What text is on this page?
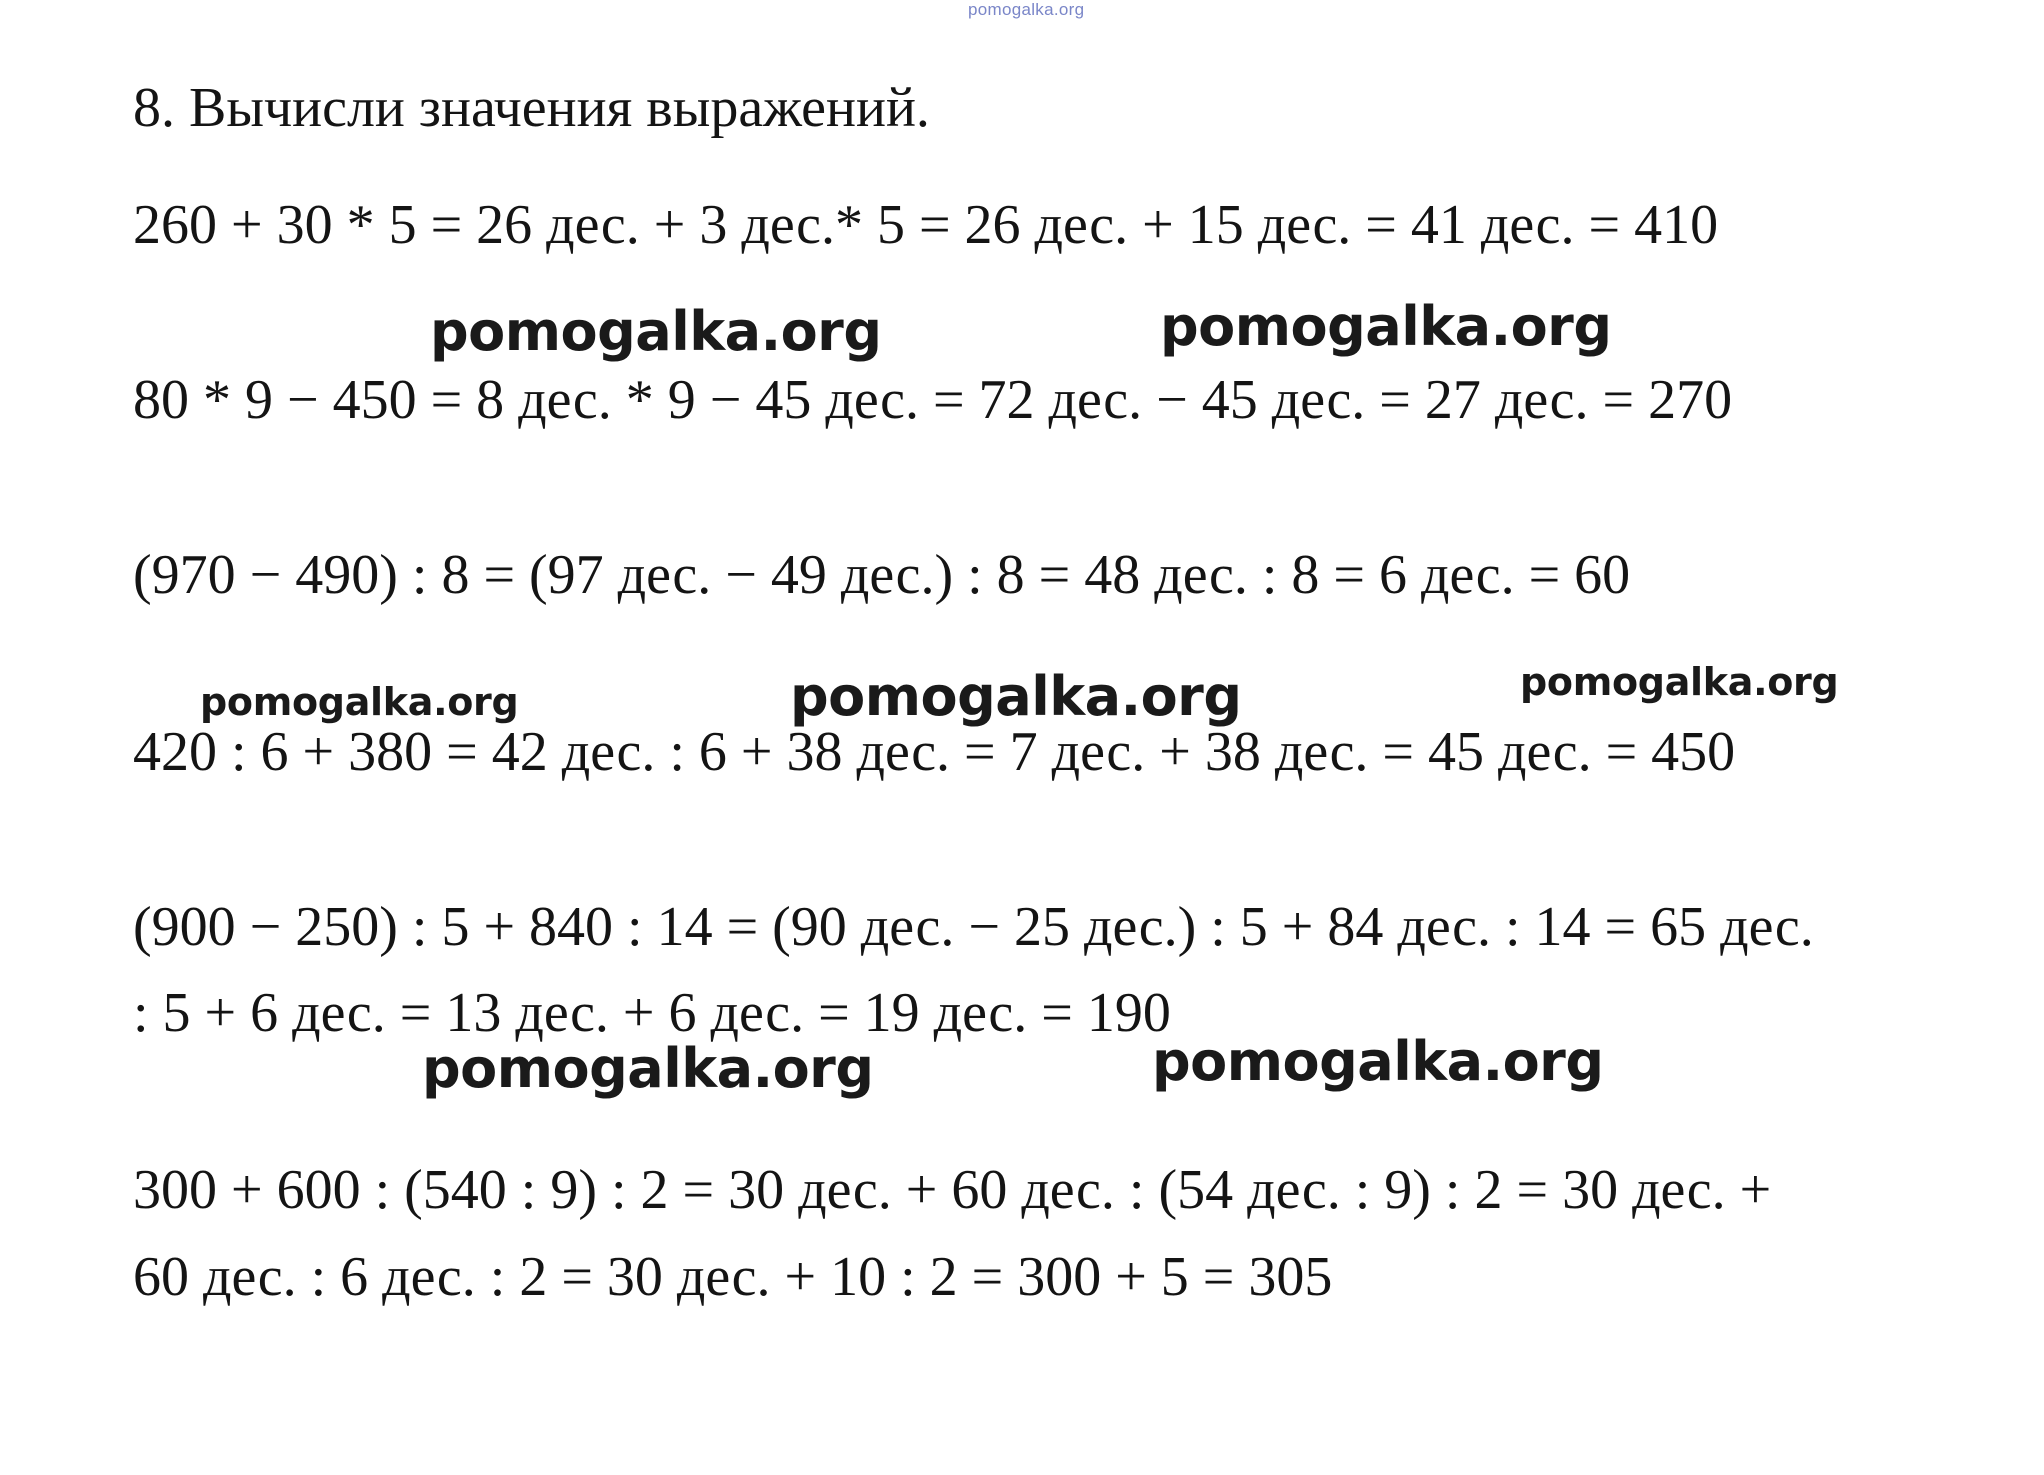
pomogalka.org
8. Вычисли значения выражений.
260 + 30 * 5 = 26 дес. + 3 дес.* 5 = 26 дес. + 15 дес. = 41 дес. = 410
pomogalka.org	pomogalka.org
80 * 9 − 450 = 8 дес. * 9 − 45 дес. = 72 дес. − 45 дес. = 27 дес. = 270
(970 − 490) : 8 = (97 дес. − 49 дес.) : 8 = 48 дес. : 8 = 6 дес. = 60
pomogalka.org	pomogalka.org	pomogalka.org
420 : 6 + 380 = 42 дес. : 6 + 38 дес. = 7 дес. + 38 дес. = 45 дес. = 450
(900 − 250) : 5 + 840 : 14 = (90 дес. − 25 дес.) : 5 + 84 дес. : 14 = 65 дес.
: 5 + 6 дес. = 13 дес. + 6 дес. = 19 дес. = 190
pomogalka.org	pomogalka.org
300 + 600 : (540 : 9) : 2 = 30 дес. + 60 дес. : (54 дес. : 9) : 2 = 30 дес. +
60 дес. : 6 дес. : 2 = 30 дес. + 10 : 2 = 300 + 5 = 305
